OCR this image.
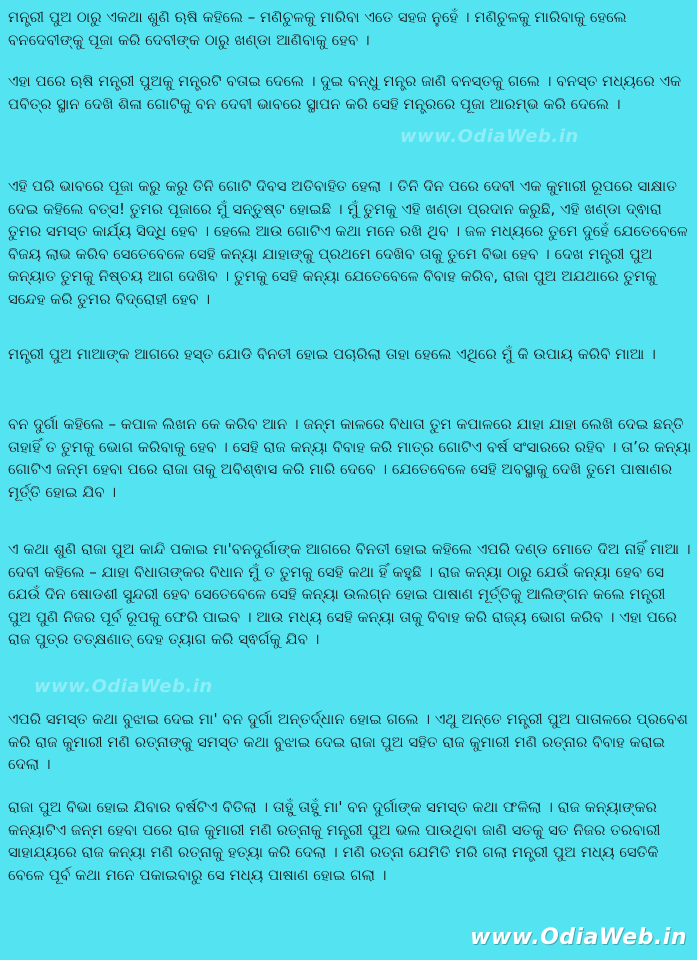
ମନ୍ତ୍ରୀ ପୁଅ ଠାରୁ ଏକଥା ଶୁଣି ଋଷି କହିଲେ – ମଣିଚୁଳକୁ ମାରିବା ଏତେ ସହଜ ନୁହେଁ । ମଣିଚୁଳକୁ ମାରିବାକୁ ହେଲେ ବନଦେବୀଙ୍କୁ ପୂଜା କରି ଦେବୀଙ୍କ ଠାରୁ ଖଣ୍ଡା ଆଣିବାକୁ ହେବ ।

ଏହା ପରେ ଋଷି ମନ୍ତ୍ରୀ ପୁଅକୁ ମନ୍ତ୍ରଟି ବତାଇ ଦେଲେ । ଦୁଇ ବନ୍ଧୁ ମନ୍ତ୍ର ଜାଣି ବନସ୍ତକୁ ଗଲେ । ବନସ୍ତ ମଧ୍ୟରେ ଏକ ପବିତ୍ର ସ୍ଥାନ ଦେଖି ଶିଳା ଗୋଟିକୁ ବନ ଦେବୀ ଭାବରେ ସ୍ଥାପନ କରି ସେହି ମନ୍ତ୍ରରେ ପୂଜା ଆରମ୍ଭ କରି ଦେଲେ ।

ଏହି ପରି ଭାବରେ ପୂଜା କରୁ କରୁ ତିନି ଗୋଟି ଦିବସ ଅତିବାହିତ ହେଲା । ତିନି ଦିନ ପରେ ଦେବୀ ଏକ କୁମାରୀ ରୂପରେ ସାକ୍ଷାତ ଦେଇ କହିଲେ ବତ୍ସ! ତୁମର ପୂଜାରେ ମୁଁ ସନ୍ତୁଷ୍ଟ ହୋଇଛି । ମୁଁ ତୁମକୁ ଏହି ଖଣ୍ଡା ପ୍ରଦାନ କରୁଛି, ଏହି ଖଣ୍ଡା ଦ୍ଵାରା ତୁମର ସମସ୍ତ କାର୍ଯ୍ୟ ସିଦ୍ଧି ହେବ । ହେଲେ ଆଉ ଗୋଟିଏ କଥା ମନେ ରଖି ଥିବ । ଜଳ ମଧ୍ୟରେ ତୁମେ ଦୁହେଁ ଯେତେବେଳେ ବିଜୟ ଲାଭ କରିବ ସେତେବେଳେ ସେହି କନ୍ୟା ଯାହାଙ୍କୁ ପ୍ରଥମେ ଦେଖିବ ତାକୁ ତୁମେ ବିଭା ହେବ । ଦେଖ ମନ୍ତ୍ରୀ ପୁଅ କନ୍ୟାତ ତୁମକୁ ନିଷ୍ଚୟ ଆଗ ଦେଖିବ । ତୁମକୁ ସେହି କନ୍ୟା ଯେତେବେଳେ ବିବାହ କରିବ, ରାଜା ପୁଅ ଅଯଥାରେ ତୁମକୁ ସନ୍ଦେହ କରି ତୁମର ବିଦ୍ରୋହୀ ହେବ ।

ମନ୍ତ୍ରୀ ପୁଅ ମାଆଙ୍କ ଆଗରେ ହସ୍ତ ଯୋଡି ବିନତୀ ହୋଇ ପଚାରିଲା ତାହା ହେଲେ ଏଥିରେ ମୁଁ କି ଉପାୟ କରିବି ମାଆ ।

ବନ ଦୁର୍ଗା କହିଲେ – କପାଳ ଲିଖନ କେ କରିବ ଆନ । ଜନ୍ମ କାଳରେ ବିଧାତା ତୁମ କପାଳରେ ଯାହା ଯାହା ଲେଖି ଦେଇ ଛନ୍ତି ତାହାହିଁ ତ ତୁମକୁ ଭୋଗ କରିବାକୁ ହେବ । ସେହି ରାଜ କନ୍ୟା ବିବାହ କରି ମାତ୍ର ଗୋଟିଏ ବର୍ଷ ସଂସାରରେ ରହିବ । ତା’ର କନ୍ୟା ଗୋଟିଏ ଜନ୍ମ ହେବା ପରେ ରାଜା ତାକୁ ଅବିଶ୍ଵାସ କରି ମାରି ଦେବେ । ଯେତେବେଳେ ସେହି ଅବସ୍ଥାକୁ ଦେଖି ତୁମେ ପାଷାଣର ମୂର୍ତ୍ତି ହୋଇ ଯିବ ।

ଏ କଥା ଶୁଣି ରାଜା ପୁଅ କାନ୍ଦି ପକାଇ ମା'ବନଦୁର୍ଗାଙ୍କ ଆଗରେ ବିନତୀ ହୋଇ କହିଲେ ଏପରି ଦଣ୍ଡ ମୋତେ ଦିଅ ନାହିଁ ମାଆ । ଦେବୀ କହିଲେ – ଯାହା ବିଧାତାଙ୍କର ବିଧାନ ମୁଁ ତ ତୁମକୁ ସେହି କଥା ହିଁ କହୁଛି । ରାଜ କନ୍ୟା ଠାରୁ ଯେଉଁ କନ୍ୟା ହେବ ସେ ଯେଉଁ ଦିନ ଷୋଡଶୀ ସୁନ୍ଦରୀ ହେବ ସେତେବେଳେ ସେହି କନ୍ୟା ଉଲଗ୍ନ ହୋଇ ପାଷାଣ ମୂର୍ତ୍ତିକୁ ଆଲିଙ୍ଗନ କଲେ ମନ୍ତ୍ରୀ ପୁଅ ପୁଣି ନିଜର ପୂର୍ବ ରୂପକୁ ଫେରି ପାଇବ । ଆଉ ମଧ୍ୟ ସେହି କନ୍ୟା ତାକୁ ବିବାହ କରି ରାଜ୍ୟ ଭୋଗ କରିବ । ଏହା ପରେ ରାଜ ପୁତ୍ର ତତ୍କ୍ଷଣାତ୍ ଦେହ ତ୍ୟାଗ କରି ସ୍ଵର୍ଗକୁ ଯିବ ।

ଏପରି ସମସ୍ତ କଥା ବୁଝାଇ ଦେଇ ମା' ବନ ଦୁର୍ଗା ଅନ୍ତର୍ଦ୍ଧାନ ହୋଇ ଗଲେ । ଏଥୁ ଅନ୍ତେ ମନ୍ତ୍ରୀ ପୁଅ ପାତାଳରେ ପ୍ରବେଶ କରି ରାଜ କୁମାରୀ ମଣି ରତ୍ନାଙ୍କୁ ସମସ୍ତ କଥା ବୁଝାଇ ଦେଇ ରାଜା ପୁଅ ସହିତ ରାଜ କୁମାରୀ ମଣି ରତ୍ନାର ବିବାହ କରାଇ ଦେଲା ।

ରାଜା ପୁଅ ବିଭା ହୋଇ ଯିବାର ବର୍ଷଟିଏ ବିତିଲା । ତାହୁଁ ତାହୁଁ ମା' ବନ ଦୁର୍ଗାଙ୍କ ସମସ୍ତ କଥା ଫଳିଲା । ରାଜ କନ୍ୟାଙ୍କର କନ୍ୟାଟିଏ ଜନ୍ମ ହେବା ପରେ ରାଜ କୁମାରୀ ମଣି ରତ୍ନାକୁ ମନ୍ତ୍ରୀ ପୁଅ ଭଲ ପାଉଥିବା ଜାଣି ସତକୁ ସତ ନିଜର ତରବାରୀ ସାହାଯ୍ୟରେ ରାଜ କନ୍ୟା ମଣି ରତ୍ନାକୁ ହତ୍ୟା କରି ଦେଲା । ମଣି ରତ୍ନା ଯେମିତି ମରି ଗଲା ମନ୍ତ୍ରୀ ପୁଅ ମଧ୍ୟ ସେତିକି ବେଳେ ପୂର୍ବ କଥା ମନେ ପକାଇବାରୁ ସେ ମଧ୍ୟ ପାଷାଣ ହୋଇ ଗଲା ।

www.OdiaWeb.in
www.OdiaWeb.in
www.OdiaWeb.in
